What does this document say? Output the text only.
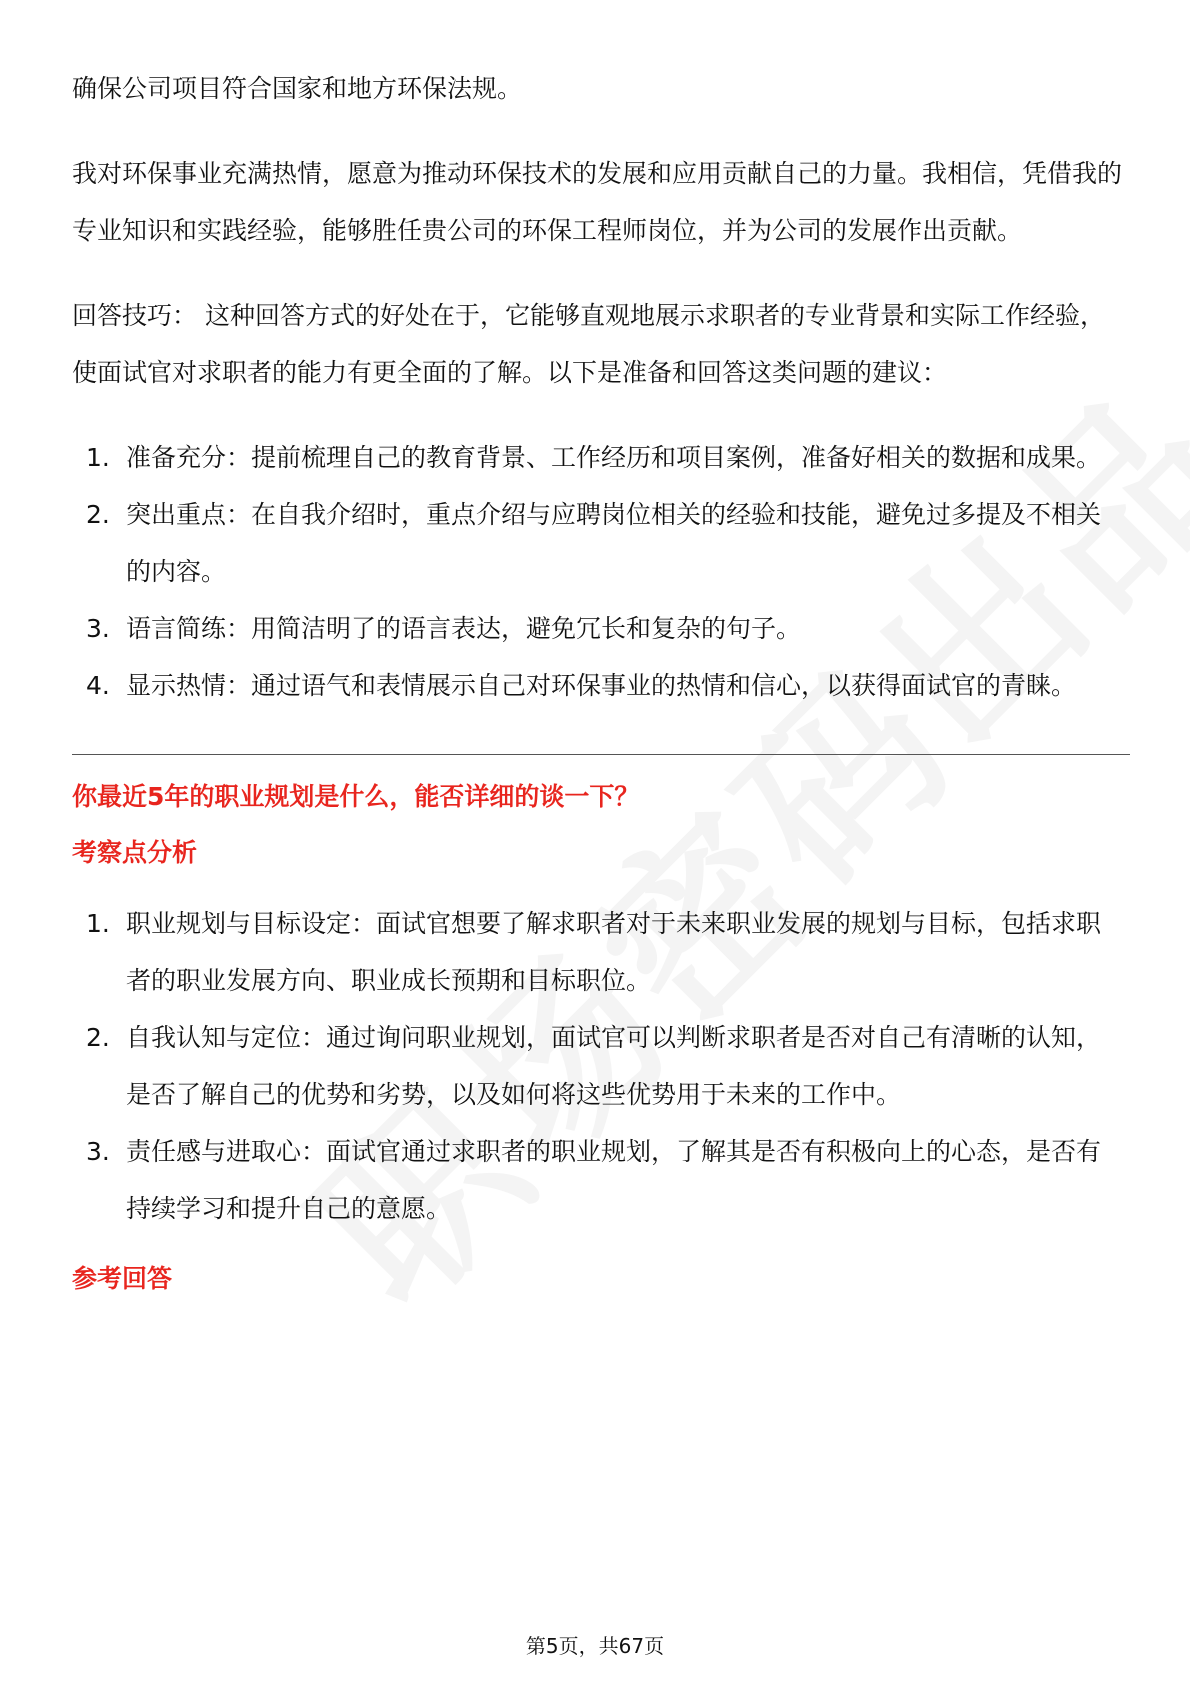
确保公司项目符合国家和地方环保法规。

我对环保事业充满热情，愿意为推动环保技术的发展和应用贡献自己的力量。我相信，凭借我的专业知识和实践经验，能够胜任贵公司的环保工程师岗位，并为公司的发展作出贡献。

回答技巧： 这种回答方式的好处在于，它能够直观地展示求职者的专业背景和实际工作经验，使面试官对求职者的能力有更全面的了解。以下是准备和回答这类问题的建议：

1. 准备充分：提前梳理自己的教育背景、工作经历和项目案例，准备好相关的数据和成果。
2. 突出重点：在自我介绍时，重点介绍与应聘岗位相关的经验和技能，避免过多提及不相关的内容。
3. 语言简练：用简洁明了的语言表达，避免冗长和复杂的句子。
4. 显示热情：通过语气和表情展示自己对环保事业的热情和信心，以获得面试官的青睐。

你最近5年的职业规划是什么，能否详细的谈一下？

考察点分析

1. 职业规划与目标设定：面试官想要了解求职者对于未来职业发展的规划与目标，包括求职者的职业发展方向、职业成长预期和目标职位。
2. 自我认知与定位：通过询问职业规划，面试官可以判断求职者是否对自己有清晰的认知，是否了解自己的优势和劣势，以及如何将这些优势用于未来的工作中。
3. 责任感与进取心：面试官通过求职者的职业规划，了解其是否有积极向上的心态，是否有持续学习和提升自己的意愿。

参考回答

第5页，共67页
